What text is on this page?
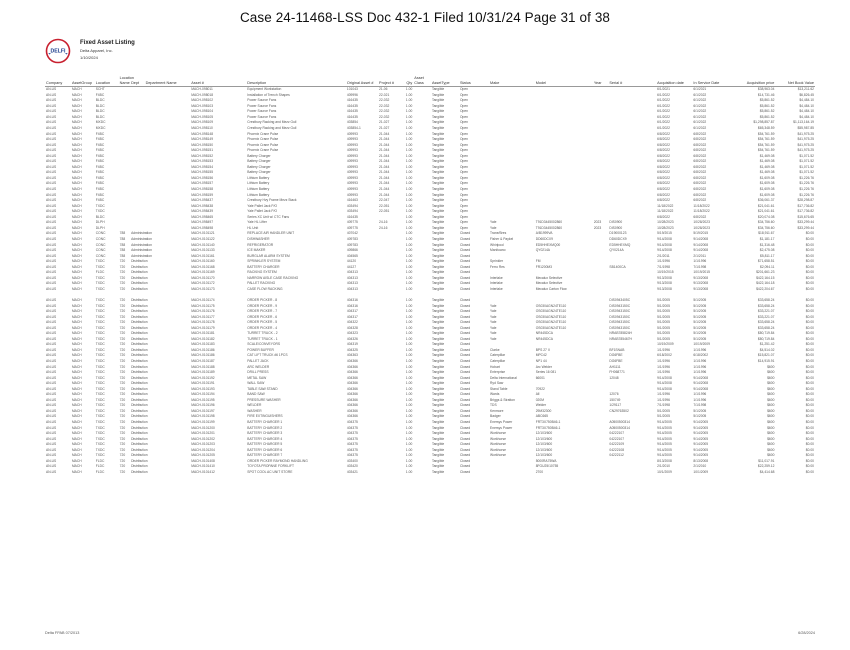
Case 24-11468-LSS Doc 432-1 Filed 10/31/24 Page 31 of 38
DELFI
Fixed Asset Listing
Delta Apparel, Inc.
1/10/2024
Company	AssetGroup	Location	Location Name	Dept	Department Name	Asset #	Description	Original Asset #	Project #	Qty	Asset Class	AssetType	Status	Make	Model	Year	Serial #	Acquisition date	In Service Date	Acquisition price	Net Book Value
AN-US	MACH	SCHT				MACH-098011	Equipment Workstation	101043	21-06	1.00		Tangible	Open					6/1/2021	6/1/2021	$38,963.04	$13,211.62
AN-US	MACH	F4BC				MACH-098018	Installation of Trench Shapes	409996	22-021	1.00		Tangible	Open					6/1/2022	6/1/2022	$14,731.46	$6,826.45
AN-US	MACH	BLDC				MACH-098102	Power Source Fans	416435	22-032	1.00		Tangible	Open					6/1/2022	6/1/2022	$5,861.52	$4,484.10
AN-US	MACH	BLDC				MACH-098103	Power Source Fans	416435	22-032	1.00		Tangible	Open					6/1/2022	6/1/2022	$5,861.52	$4,484.10
AN-US	MACH	BLDC				MACH-098104	Power Source Fans	416435	22-032	1.00		Tangible	Open					6/1/2022	6/1/2022	$5,861.52	$4,484.10
AN-US	MACH	BLDC				MACH-098105	Power Source Fans	416435	22-032	1.00		Tangible	Open					6/1/2022	6/1/2022	$5,861.52	$4,484.10
AN-US	MACH	MXDC				MACH-098109	Crestbury Racking and Mezz Guil	403854	21-027	1.00		Tangible	Open					6/1/2022	6/1/2022	$1,298,857.87	$1,113,164.19
AN-US	MACH	MXDC				MACH-098110	Crestbury Racking and Mezz Guil	403854-1	21-027	1.00		Tangible	Open					6/1/2022	6/1/2022	$65,348.59	$55,987.85
AN-US	MACH	F4BC				MACH-098148	Phoenix Crane Pulse	409993	21-044	1.00		Tangible	Open					6/8/2022	6/8/2022	$54,761.59	$41,975.25
AN-US	MACH	F4BC				MACH-098149	Phoenix Crane Pulse	409993	21-044	1.00		Tangible	Open					6/8/2022	6/8/2022	$54,761.59	$41,975.25
AN-US	MACH	F4BC				MACH-098150	Phoenix Crane Pulse	409993	21-044	1.00		Tangible	Open					6/8/2022	6/8/2022	$54,761.59	$41,975.25
AN-US	MACH	F4BC				MACH-098151	Phoenix Crane Pulse	409993	21-044	1.00		Tangible	Open					6/8/2022	6/8/2022	$54,761.59	$41,975.25
AN-US	MACH	F4BC				MACH-098152	Battery Charger	409993	21-044	1.00		Tangible	Open					6/8/2022	6/8/2022	$1,469.08	$1,071.52
AN-US	MACH	F4BC				MACH-098153	Battery Charger	409993	21-044	1.00		Tangible	Open					6/8/2022	6/8/2022	$1,469.08	$1,071.52
AN-US	MACH	F4BC				MACH-098154	Battery Charger	409993	21-044	1.00		Tangible	Open					6/8/2022	6/8/2022	$1,469.08	$1,071.52
AN-US	MACH	F4BC				MACH-098155	Battery Charger	409993	21-044	1.00		Tangible	Open					6/8/2022	6/8/2022	$1,469.08	$1,071.52
AN-US	MACH	F4BC				MACH-098156	Lithium Battery	409993	21-044	1.00		Tangible	Open					6/8/2022	6/8/2022	$1,609.08	$1,226.76
AN-US	MACH	F4BC				MACH-098157	Lithium Battery	409993	21-044	1.00		Tangible	Open					6/8/2022	6/8/2022	$1,609.08	$1,226.76
AN-US	MACH	F4BC				MACH-098158	Lithium Battery	409993	21-044	1.00		Tangible	Open					6/8/2022	6/8/2022	$1,609.08	$1,226.76
AN-US	MACH	F4BC				MACH-098159	Lithium Battery	409993	21-044	1.00		Tangible	Open					6/8/2022	6/8/2022	$1,609.08	$1,226.76
AN-US	MACH	F4BC				MACH-098437	Crestbury Hvy Frame Mezz Stack	416463	22-047	1.00		Tangible	Open					6/8/2022	6/8/2022	$36,061.37	$28,298.87
AN-US	MACH	TXDC				MACH-098438	Yale Pallet Jack P/O	403494	22-051	1.00		Tangible	Open					11/18/2022	11/18/2022	$21,041.61	$17,736.82
AN-US	MACH	TXDC				MACH-098439	Yale Pallet Jack P/O	403494	22-051	1.00		Tangible	Open					11/18/2022	11/18/2022	$21,041.61	$17,736.82
AN-US	MACH	BLDC				MACH-098465	Series XC Unit w/ CTC Fans	416435		1.00		Tangible	Open					6/8/2022	6/8/2022	$20,074.08	$15,676.65
AN-US	MACH	DLPH				MACH-098497	Yale HL Lifter	409775	24-16	1.00		Tangible	Open	Yale	T91D3445002860	2023	DIS0900	10/28/2023	10/28/2023	$34,756.60	$33,299.44
AN-US	MACH	DLPH				MACH-098498	HL Unit	409775	24-16	1.00		Tangible	Open	Yale	T91D3445002860	2023	DIS0900	10/28/2023	10/28/2023	$34,756.60	$33,299.44
AN-US	MACH	CONC	788	Administration		MACH-0101121	REPLACE AIR HANDLER UNIT	407042		1.00		Tangible	Closed	Trane/Bres	A/B1999VA		D19000123	5/19/2015	5/19/2015	$18,911.67	$0.00
AN-US	MACH	CONC	788	Administration		MACH-0101122	DISHWASHER	409783		1.00		Tangible	Closed	Fisher & Paykel	DD60DCX9		DD60DCX9	9/14/2008	9/14/2008	$1,181.17	$0.00
AN-US	MACH	CONC	788	Administration		MACH-0101140	REFRIGERATOR	409783		1.00		Tangible	Closed	Whirlpool	ED5HHEXMQ00		ED5HHEXMQ	9/14/2008	9/14/2008	$1,316.48	$0.00
AN-US	MACH	CONC	788	Administration		MACH-0101133	ICE MAKER	409866		1.00		Tangible	Closed	Manitowoc	QY0214A		QY0214A	9/14/2008	9/14/2008	$2,475.08	$0.00
AN-US	MACH	CONC	788	Administration		MACH-0101161	BURGLAR ALARM SYSTEM	404565		1.00		Tangible	Closed					2/1/2011	2/1/2011	$5,811.17	$0.00
AN-US	MACH	TXDC	720	Distribution		MACH-0101160	SPRINKLER SYSTEM	44120		1.00		Tangible	Closed	Sprinkler	FM			1/1/1996	1/1/1996	$71,658.51	$0.00
AN-US	MACH	TXDC	720	Distribution		MACH-0101168	BATTERY CHARGER	44127		1.00		Tangible	Closed	Ferro Res	FR1200M3		SB1400CA	7/1/1998	7/1/1998	$2,094.11	$0.00
AN-US	MACH	FLDC	720	Distribution		MACH-0101169	RACKING SYSTEM	404313		1.00		Tangible	Closed					10/19/2015	10/19/2015	$201,661.23	$0.00
AN-US	MACH	TXDC	720	Distribution		MACH-0101170	NARROW AISLE CASE RACKING	404313		1.00		Tangible	Closed	Interlake	Mecalux Selective			9/13/2008	9/13/2008	$422,164.15	$0.00
AN-US	MACH	TXDC	720	Distribution		MACH-0101172	PALLET RACKING	404313		1.00		Tangible	Closed	Interlake	Mecalux Selective			9/13/2008	9/13/2008	$422,164.18	$0.00
AN-US	MACH	TXDC	720	Distribution		MACH-0101173	CASE FLOW RACKING	404313		1.00		Tangible	Closed	Interlake	Mecalux Carton Flow			9/13/2008	9/13/2008	$422,204.67	$0.00

AN-US	MACH	TXDC	720	Distribution		MACH-0101174	ORDER PICKER - 8	404316		1.00		Tangible	Closed				DIS0943405C	5/1/2005	5/1/2005	$33,658.24	$0.00
AN-US	MACH	TXDC	720	Distribution		MACH-0101175	ORDER PICKER - 9	404316		1.00		Tangible	Closed	Yale	OS030AGN24TE110		DIS0943150C	5/1/2005	5/1/2005	$33,658.24	$0.00
AN-US	MACH	TXDC	720	Distribution		MACH-0101176	ORDER PICKER - 7	404317		1.00		Tangible	Closed	Yale	OS030AGN24TE110		DIS0943150C	5/1/2005	5/1/2005	$33,221.07	$0.00
AN-US	MACH	TXDC	720	Distribution		MACH-0101177	ORDER PICKER - 6	404317		1.00		Tangible	Closed	Yale	OS030AGN24TE110		DIS0943150C	5/1/2005	5/1/2005	$33,221.07	$0.00
AN-US	MACH	TXDC	720	Distribution		MACH-0101178	ORDER PICKER - 5	404322		1.00		Tangible	Closed	Yale	OS030AGN24TE110		DIS0943150C	5/1/2005	5/1/2005	$33,658.24	$0.00
AN-US	MACH	TXDC	720	Distribution		MACH-0101179	ORDER PICKER - 4	404328		1.00		Tangible	Closed	Yale	OS030AGN24TE110		DIS0943150C	5/1/2005	5/1/2005	$33,658.24	$0.00
AN-US	MACH	TXDC	720	Distribution		MACH-0101181	TURRET TRUCK - 2	404323		1.00		Tangible	Closed	Yale	NR445DCA		NRAB785824H	5/1/2005	5/1/2005	$80,719.84	$0.00
AN-US	MACH	TXDC	720	Distribution		MACH-0101182	TURRET TRUCK - 1	404326		1.00		Tangible	Closed	Yale	NR445DCA		NRAB785467H	5/1/2005	5/1/2005	$80,719.84	$0.00
AN-US	MACH	TXDC	720	Distribution		MACH-0101183	SCALE/CONVEYORS	404319		1.00		Tangible	Closed					10/19/2009	10/19/2009	$1,251.42	$0.00
AN-US	MACH	TXDC	720	Distribution		MACH-0101186	POWER BUFFER	404325		1.00		Tangible	Closed	Clarke	BPS 27 II		BF1SNAB	1/1/1996	1/1/1996	$4,514.02	$0.00
AN-US	MACH	TXDC	720	Distribution		MACH-0101186	CAT LIFT TRUCK #6 1PCS	404363		1.00		Tangible	Closed	Caterpillar	MPC42		DG6FBE	6/18/2002	6/18/2002	$15,821.07	$0.00
AN-US	MACH	TXDC	720	Distribution		MACH-0101187	PALLET JACK	404366		1.00		Tangible	Closed	Caterpillar	NP1 44		DG6FBE	1/1/1996	1/1/1996	$14,915.91	$0.00
AN-US	MACH	TXDC	720	Distribution		MACH-0101188	ARC WELDER	404366		1.00		Tangible	Closed	Hobart	Arc Welder		AH1111	1/1/1996	1/1/1996	$600	$0.00
AN-US	MACH	TXDC	720	Distribution		MACH-0101189	DRILL PRESS	404366		1.00		Tangible	Closed	Enterprise	Series 16 081		FH068771	1/1/1996	1/1/1996	$600	$0.00
AN-US	MACH	TXDC	720	Distribution		MACH-0101192	METAL SAW	404366		1.00		Tangible	Closed	Delta International	66001		12048	9/14/2008	9/14/2008	$600	$0.00
AN-US	MACH	TXDC	720	Distribution		MACH-0101191	WALL SAW	404366		1.00		Tangible	Closed	Ryd Saw				9/14/2008	9/14/2008	$600	$0.00
AN-US	MACH	TXDC	720	Distribution		MACH-0101193	TABLE SAW STAND	404366		1.00		Tangible	Closed	Stand Table	70922			9/14/2008	9/14/2008	$600	$0.00
AN-US	MACH	TXDC	720	Distribution		MACH-0101194	BAND SAW	404366		1.00		Tangible	Closed	Wards	All		12076	1/1/1996	1/1/1996	$600	$0.00
AN-US	MACH	TXDC	720	Distribution		MACH-0101195	PRESSURE WASHER	404366		1.00		Tangible	Closed	Briggs & Stratton	020M		150749	1/1/1996	1/1/1996	$600	$0.00
AN-US	MACH	TXDC	720	Distribution		MACH-0101196	WELDER	404366		1.00		Tangible	Closed	TDS	Welder		1/29117	7/1/1998	7/1/1998	$600	$0.00
AN-US	MACH	TXDC	720	Distribution		MACH-0101197	WASHER	404366		1.00		Tangible	Closed	Kenmore	29M32300		CN29763502	5/1/2005	5/1/2005	$600	$0.00
AN-US	MACH	TXDC	720	Distribution		MACH-0101198	FIRE EXTINGUISHERS	404366		1.00		Tangible	Closed	Badger	ABC665			5/1/2005	5/1/2005	$600	$0.00
AN-US	MACH	TXDC	720	Distribution		MACH-0101199	BATTERY CHARGER 1	404375		1.00		Tangible	Closed	Enersys Power	FRT3X750B46-1		A0500500314	9/14/2005	9/14/2005	$600	$0.00
AN-US	MACH	TXDC	720	Distribution		MACH-0101200	BATTERY CHARGER 2	404375		1.00		Tangible	Closed	Enersys Power	FRT3X750B46-1		A0500500314	9/14/2005	9/14/2005	$600	$0.00
AN-US	MACH	TXDC	720	Distribution		MACH-0101201	BATTERY CHARGER 3	404375		1.00		Tangible	Closed	Workhorse	12/103/600		04222107	9/14/2005	9/14/2005	$600	$0.00
AN-US	MACH	TXDC	720	Distribution		MACH-0101202	BATTERY CHARGER 4	404375		1.00		Tangible	Closed	Workhorse	12/103/600		04222107	9/14/2005	9/14/2005	$600	$0.00
AN-US	MACH	TXDC	720	Distribution		MACH-0101203	BATTERY CHARGER 5	404375		1.00		Tangible	Closed	Workhorse	12/103/600		04222109	9/14/2005	9/14/2005	$600	$0.00
AN-US	MACH	TXDC	720	Distribution		MACH-0101204	BATTERY CHARGER 6	404375		1.00		Tangible	Closed	Workhorse	12/103/600		04222108	9/14/2005	9/14/2005	$600	$0.00
AN-US	MACH	TXDC	720	Distribution		MACH-0101205	BATTERY CHARGER 7	404375		1.00		Tangible	Closed	Workhorse	12/103/600		04222112	9/14/2005	9/14/2005	$600	$0.00
AN-US	MACH	FLDC	720	Distribution		MACH-0101408	ORDER PICKER RAYMOND HANDLING	403400		1.00		Tangible	Closed		5000RA75WA			8/13/2008	8/13/2008	$11,017.91	$0.00
AN-US	MACH	FLDC	720	Distribution		MACH-0101410	TOYOTA PROPANE FORKLIFT	403420		1.00		Tangible	Closed		8FGU25/10755			2/1/2010	2/1/2010	$22,259.12	$0.00
AN-US	MACH	FLDC	720	Distribution		MACH-0101412	SPOT COOL AC UNIT STORE	403421		1.00		Tangible	Closed		2700			10/1/2009	10/1/2009	$4,414.68	$0.00
Delta FPAB 07/2013	6/28/2024
